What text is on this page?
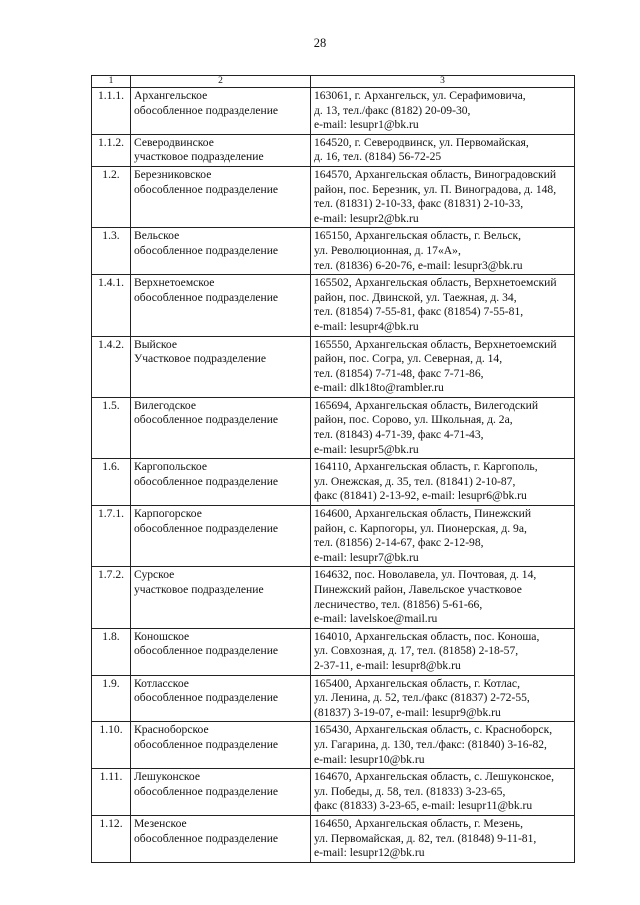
28
1	2	3
1.1.1.	Архангельское
обособленное подразделение	163061, г. Архангельск, ул. Серафимовича,
д. 13, тел./факс (8182) 20-09-30,
e-mail: lesupr1@bk.ru

1.1.2.	Северодвинское
участковое подразделение	164520, г. Северодвинск, ул. Первомайская,
д. 16, тел. (8184) 56-72-25

1.2.	Березниковское
обособленное подразделение	164570, Архангельская область, Виноградовский
район, пос. Березник, ул. П. Виноградова, д. 148,
тел. (81831) 2-10-33, факс (81831) 2-10-33,
e-mail: lesupr2@bk.ru

1.3.	Вельское
обособленное подразделение	165150, Архангельская область, г. Вельск,
ул. Революционная, д. 17«А»,
тел. (81836) 6-20-76, e-mail: lesupr3@bk.ru

1.4.1.	Верхнетоемское
обособленное подразделение	165502, Архангельская область, Верхнетоемский
район, пос. Двинской, ул. Таежная, д. 34,
тел. (81854) 7-55-81, факс (81854) 7-55-81,
e-mail: lesupr4@bk.ru

1.4.2.	Выйское
Участковое подразделение	165550, Архангельская область, Верхнетоемский
район, пос. Согра, ул. Северная, д. 14,
тел. (81854) 7-71-48, факс 7-71-86,
e-mail: dlk18to@rambler.ru

1.5.	Вилегодское
обособленное подразделение	165694, Архангельская область, Вилегодский
район, пос. Сорово, ул. Школьная, д. 2а,
тел. (81843) 4-71-39, факс 4-71-43,
e-mail: lesupr5@bk.ru

1.6.	Каргопольское
обособленное подразделение	164110, Архангельская область, г. Каргополь,
ул. Онежская, д. 35, тел. (81841) 2-10-87,
факс (81841) 2-13-92, e-mail: lesupr6@bk.ru

1.7.1.	Карпогорское
обособленное подразделение	164600, Архангельская область, Пинежский
район, с. Карпогоры, ул. Пионерская, д. 9а,
тел. (81856) 2-14-67, факс 2-12-98,
e-mail: lesupr7@bk.ru

1.7.2.	Сурское
участковое подразделение	164632, пос. Новолавела, ул. Почтовая, д. 14,
Пинежский район, Лавельское участковое
лесничество, тел. (81856) 5-61-66,
e-mail: lavelskoe@mail.ru

1.8.	Коношское
обособленное подразделение	164010, Архангельская область, пос. Коноша,
ул. Совхозная, д. 17, тел. (81858) 2-18-57,
2-37-11, e-mail: lesupr8@bk.ru

1.9.	Котласское
обособленное подразделение	165400, Архангельская область, г. Котлас,
ул. Ленина, д. 52, тел./факс (81837) 2-72-55,
(81837) 3-19-07, e-mail: lesupr9@bk.ru

1.10.	Красноборское
обособленное подразделение	165430, Архангельская область, с. Красноборск,
ул. Гагарина, д. 130, тел./факс: (81840) 3-16-82,
e-mail: lesupr10@bk.ru

1.11.	Лешуконское
обособленное подразделение	164670, Архангельская область, с. Лешуконское,
ул. Победы, д. 58, тел. (81833) 3-23-65,
факс (81833) 3-23-65, e-mail: lesupr11@bk.ru

1.12.	Мезенское
обособленное подразделение	164650, Архангельская область, г. Мезень,
ул. Первомайская, д. 82, тел. (81848) 9-11-81,
e-mail: lesupr12@bk.ru
